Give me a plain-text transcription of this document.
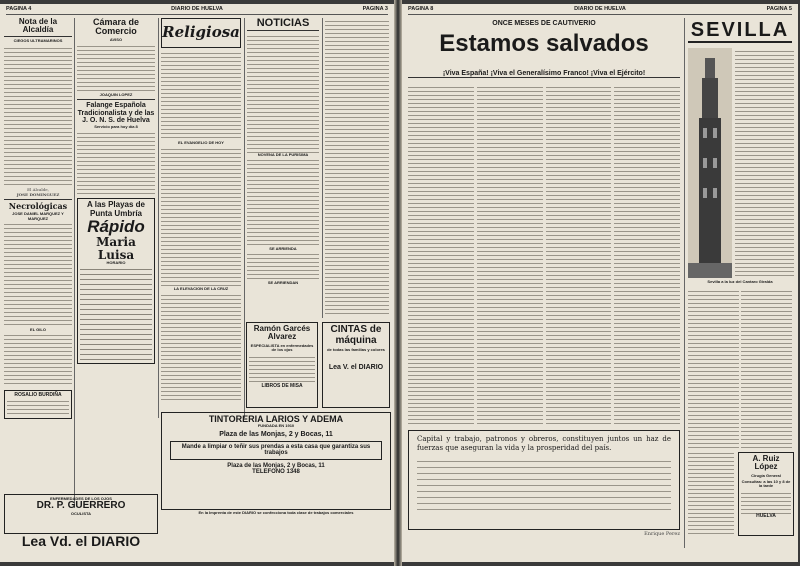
PAGINA 4	DIARIO DE HUELVA	PAGINA 3
Nota de la Alcaldía
CIEGOS ULTRAMARINOS
El Alcalde,
JOSE DOMINGUEZ
Necrológicas
JOSE DANIEL MARQUEZ Y MARQUEZ
EL GILO
ROSALIO BURDIÑA
Cámara de Comercio
AVISO
JOAQUIN LOPEZ
Falange Española Tradicionalista y de las J. O. N. S. de Huelva
Servicio para hoy día 8
A las Playas de Punta Umbría
Rápido
Maria Luisa
HORARIO
Religiosa
EL EVANGELIO DE HOY
LA ELEVACION DE LA CRUZ
NOTICIAS
NOVENA DE LA PURISIMA
SE ARRIENDA
SE ARRIENDAN
Ramón Garcés Alvarez
ESPECIALISTA en enfermedades de los ojos
LIBROS DE MISA
CINTAS de máquina
de todas las familias y colores
Lea V. el DIARIO
TINTORERIA LARIOS Y ADEMA
FUNDADA EN 1910
Plaza de las Monjas, 2 y Bocas, 11
Mande a limpiar o teñir sus prendas a esta casa que garantiza sus trabajos
Plaza de las Monjas, 2 y Bocas, 11
TELEFONO 1348
En la Imprenta de este DIARIO se confecciona toda clase de trabajos comerciales
ENFERMEDADES DE LOS OJOS
DR. P. GUERRERO
OCULISTA
Lea Vd. el DIARIO
PAGINA 8	DIARIO DE HUELVA	PAGINA 5
ONCE MESES DE CAUTIVERIO
Estamos salvados
¡Viva España! ¡Viva el Generalísimo Franco! ¡Viva el Ejército!
Capital y trabajo, patronos y obreros, constituyen juntos un haz de fuerzas que aseguran la vida y la prosperidad del país.
Enrique Perez
SEVILLA
Sevilla a la luz del Cantaro Giralda
A. Ruiz López
Cirugía General
Consultas: a las 10 y 8 de la tarde
HUELVA
